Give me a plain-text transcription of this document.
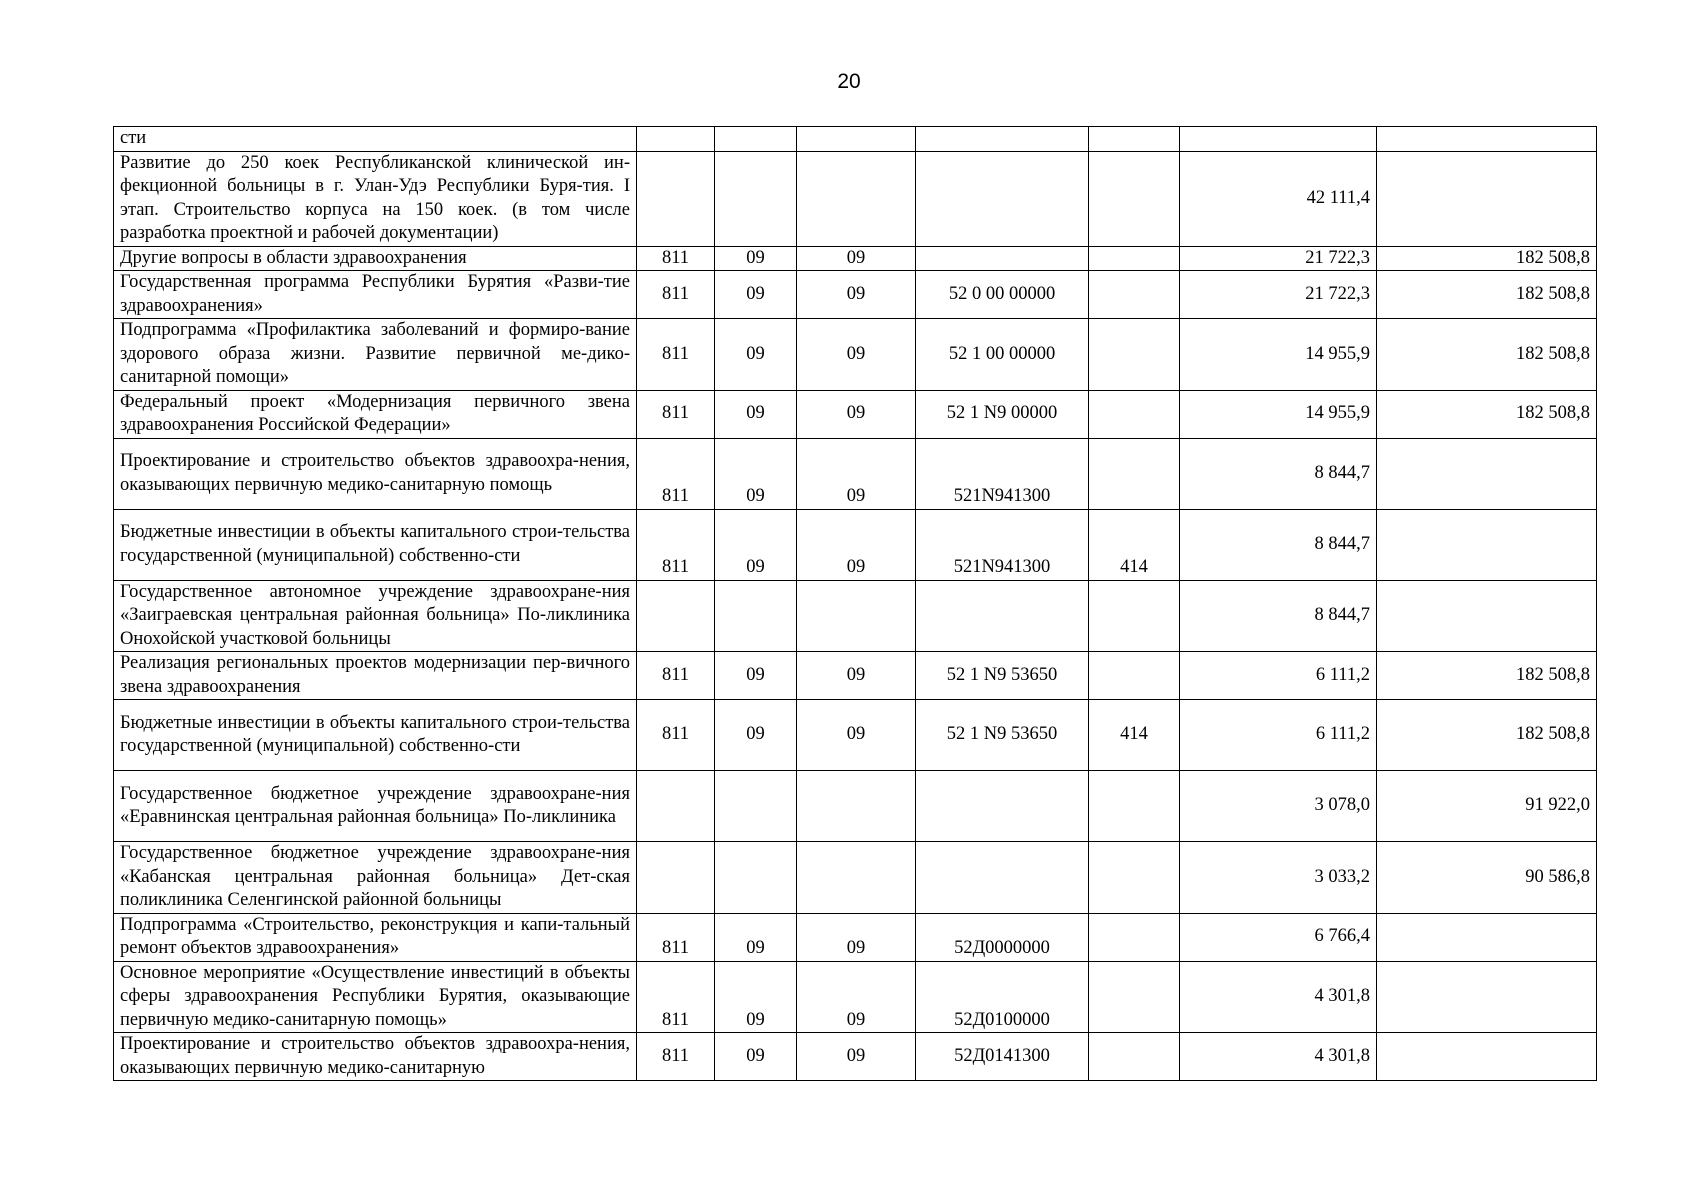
20
сти							
Развитие до 250 коек Республиканской клинической ин-фекционной больницы в г. Улан-Удэ Республики Буря-тия. I этап. Строительство корпуса на 150 коек. (в том числе разработка проектной и рабочей документации)						42 111,4	
Другие вопросы в области здравоохранения	811	09	09			21 722,3	182 508,8
Государственная программа Республики Бурятия «Разви-тие здравоохранения»	811	09	09	52 0 00 00000		21 722,3	182 508,8
Подпрограмма «Профилактика заболеваний и формиро-вание здорового образа жизни. Развитие первичной ме-дико-санитарной помощи»	811	09	09	52 1 00 00000		14 955,9	182 508,8
Федеральный проект «Модернизация первичного звена здравоохранения Российской Федерации»	811	09	09	52 1 N9 00000		14 955,9	182 508,8
Проектирование и строительство объектов здравоохра-нения, оказывающих первичную медико-санитарную помощь	811	09	09	521N941300		8 844,7	
Бюджетные инвестиции в объекты капитального строи-тельства государственной (муниципальной) собственно-сти	811	09	09	521N941300	414	8 844,7	
Государственное автономное учреждение здравоохране-ния «Заиграевская центральная районная больница» По-ликлиника Онохойской участковой больницы						8 844,7	
Реализация региональных проектов модернизации пер-вичного звена здравоохранения	811	09	09	52 1 N9 53650		6 111,2	182 508,8
Бюджетные инвестиции в объекты капитального строи-тельства государственной (муниципальной) собственно-сти	811	09	09	52 1 N9 53650	414	6 111,2	182 508,8
Государственное бюджетное учреждение здравоохране-ния «Еравнинская центральная районная больница» По-ликлиника						3 078,0	91 922,0
Государственное бюджетное учреждение здравоохране-ния «Кабанская центральная районная больница» Дет-ская поликлиника Селенгинской районной больницы						3 033,2	90 586,8
Подпрограмма «Строительство, реконструкция и капи-тальный ремонт объектов здравоохранения»	811	09	09	52Д0000000		6 766,4	
Основное мероприятие «Осуществление инвестиций в объекты сферы здравоохранения Республики Бурятия, оказывающие первичную медико-санитарную помощь»	811	09	09	52Д0100000		4 301,8	
Проектирование и строительство объектов здравоохра-нения, оказывающих первичную медико-санитарную	811	09	09	52Д0141300		4 301,8	
